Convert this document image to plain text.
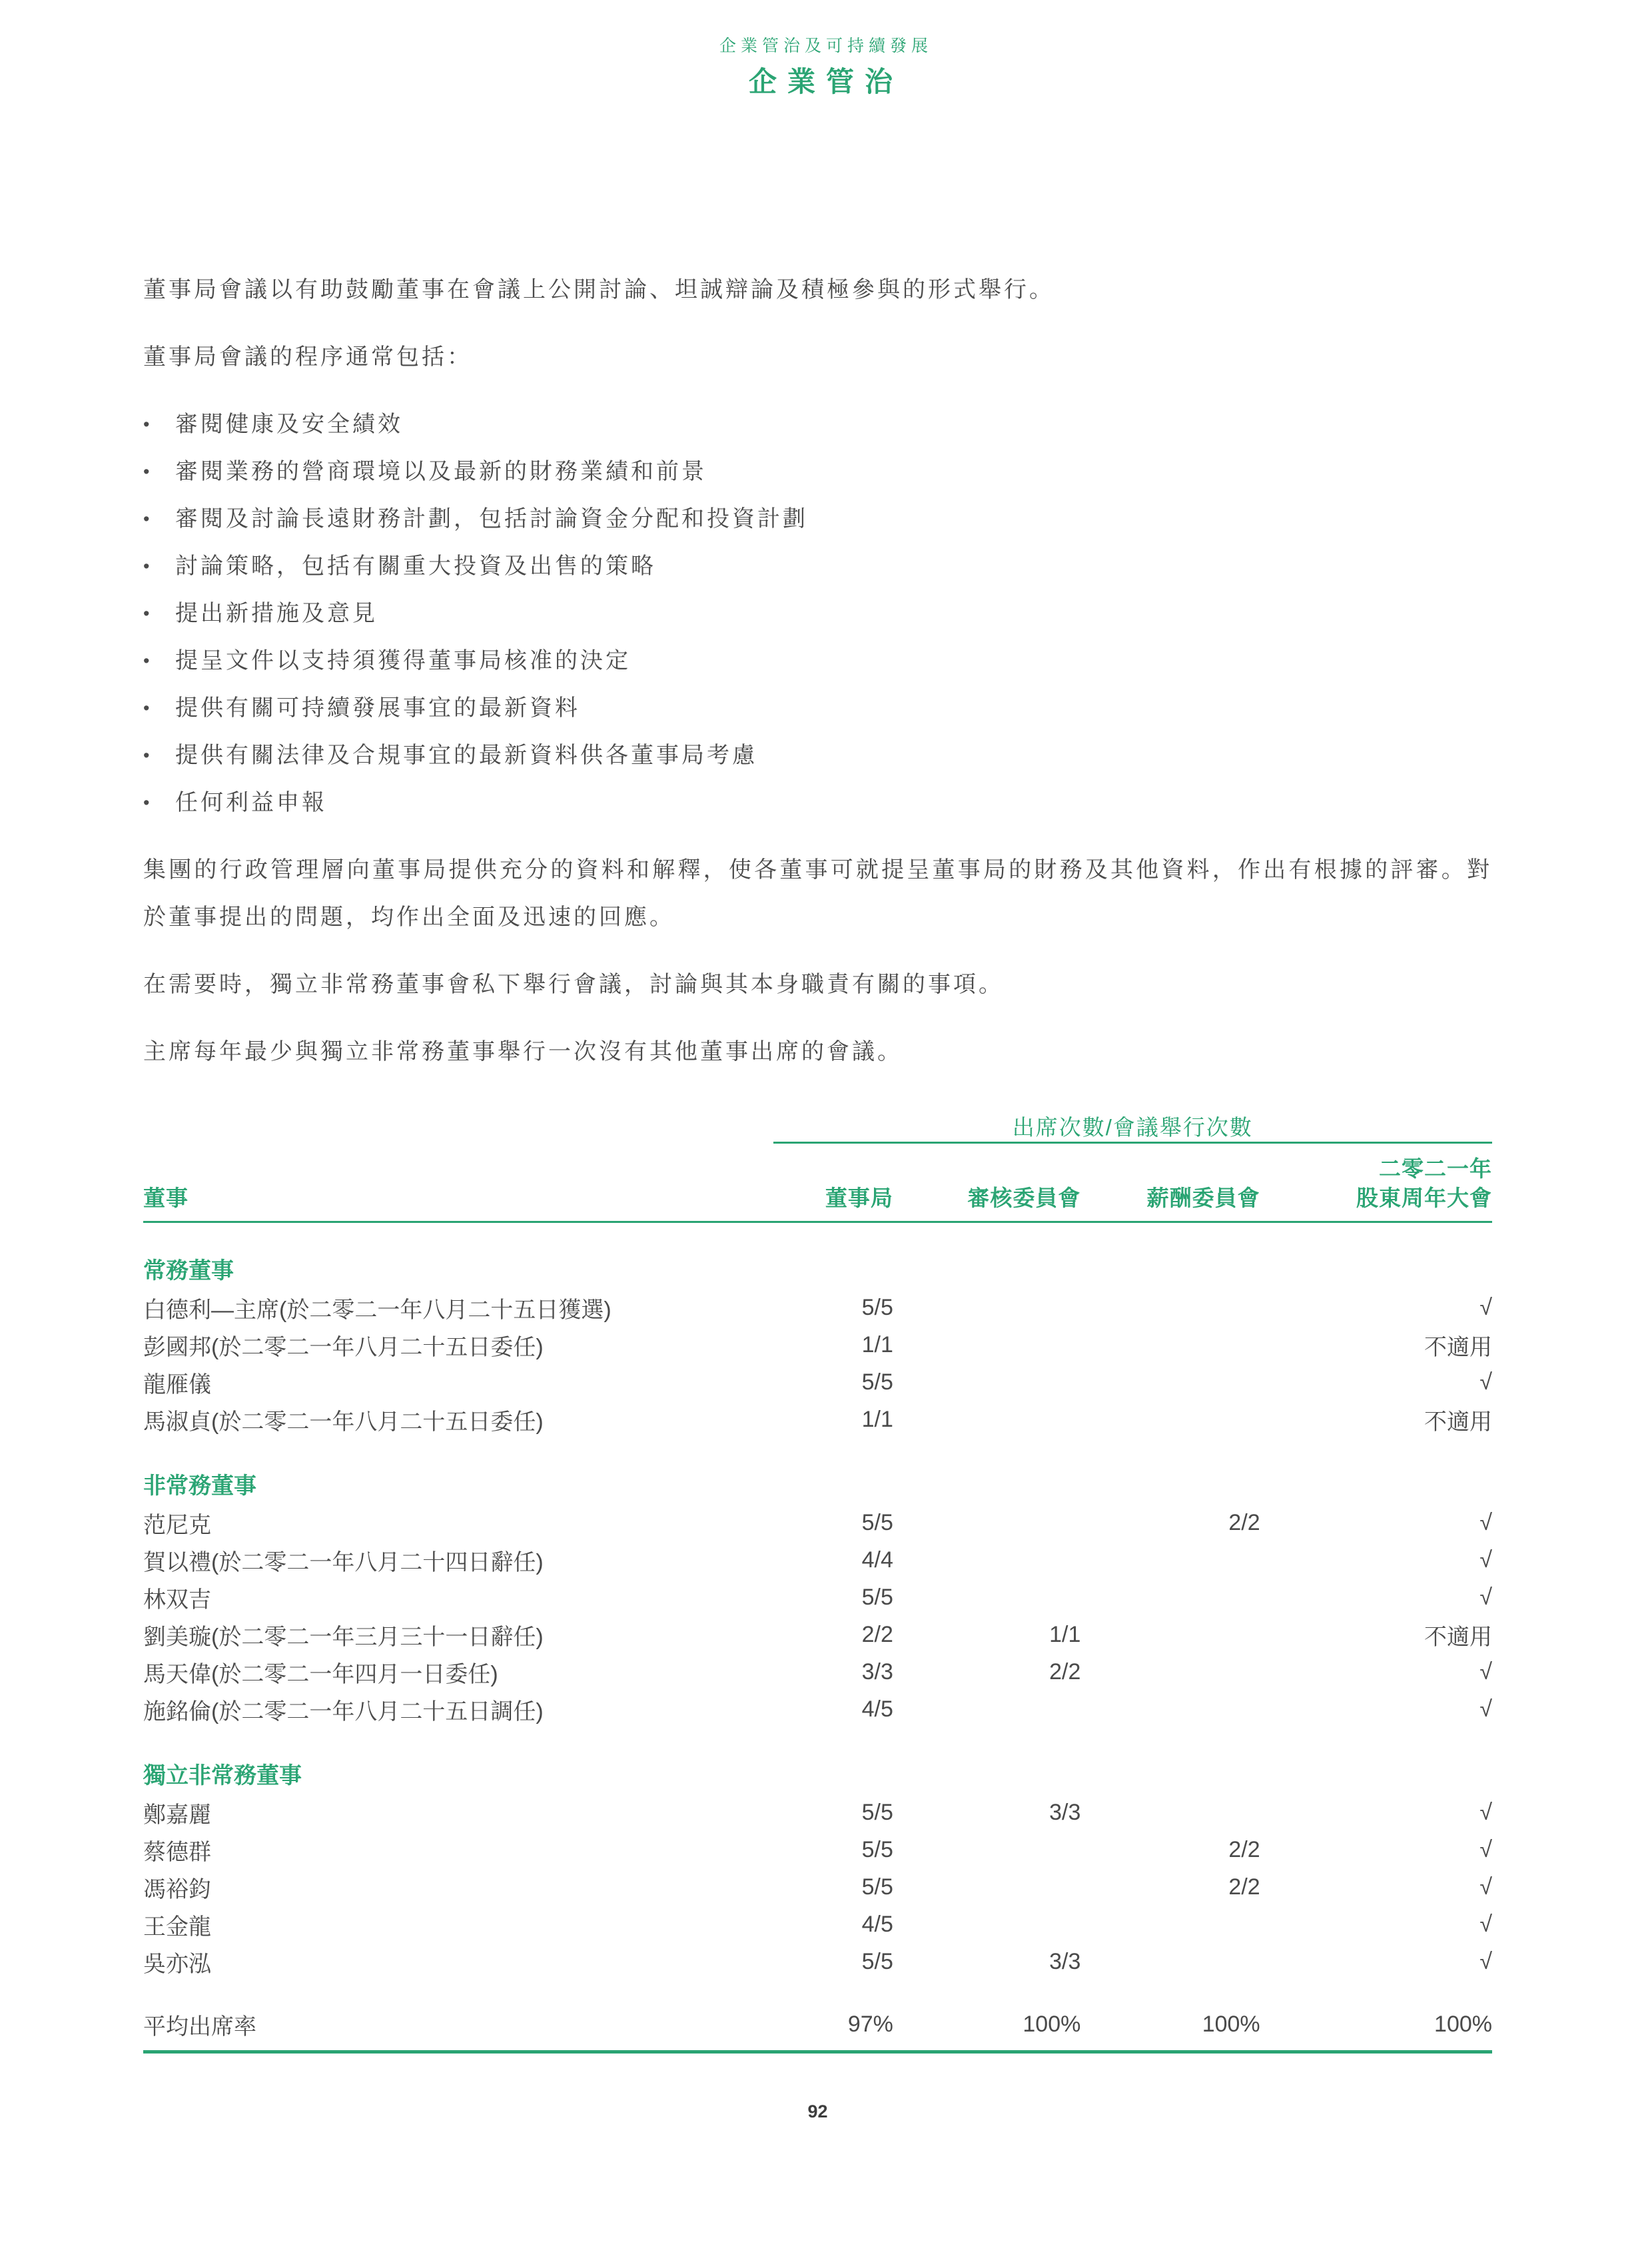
企業管治及可持續發展
企業管治

董事局會議以有助鼓勵董事在會議上公開討論、坦誠辯論及積極參與的形式舉行。

董事局會議的程序通常包括：

•	審閱健康及安全績效
•	審閱業務的營商環境以及最新的財務業績和前景
•	審閱及討論長遠財務計劃，包括討論資金分配和投資計劃
•	討論策略，包括有關重大投資及出售的策略
•	提出新措施及意見
•	提呈文件以支持須獲得董事局核准的決定
•	提供有關可持續發展事宜的最新資料
•	提供有關法律及合規事宜的最新資料供各董事局考慮
•	任何利益申報

集團的行政管理層向董事局提供充分的資料和解釋，使各董事可就提呈董事局的財務及其他資料，作出有根據的評審。對於董事提出的問題，均作出全面及迅速的回應。

在需要時，獨立非常務董事會私下舉行會議，討論與其本身職責有關的事項。

主席每年最少與獨立非常務董事舉行一次沒有其他董事出席的會議。

	出席次數/會議舉行次數			
董事	董事局	審核委員會	薪酬委員會	二零二一年
股東周年大會
常務董事				
白德利—主席(於二零二一年八月二十五日獲選)	5/5			√
彭國邦(於二零二一年八月二十五日委任)	1/1			不適用
龍雁儀	5/5			√
馬淑貞(於二零二一年八月二十五日委任)	1/1			不適用
非常務董事				
范尼克	5/5		2/2	√
賀以禮(於二零二一年八月二十四日辭任)	4/4			√
林双吉	5/5			√
劉美璇(於二零二一年三月三十一日辭任)	2/2	1/1		不適用
馬天偉(於二零二一年四月一日委任)	3/3	2/2		√
施銘倫(於二零二一年八月二十五日調任)	4/5			√
獨立非常務董事				
鄭嘉麗	5/5	3/3		√
蔡德群	5/5		2/2	√
馮裕鈞	5/5		2/2	√
王金龍	4/5			√
吳亦泓	5/5	3/3		√
平均出席率	97%	100%	100%	100%
92
